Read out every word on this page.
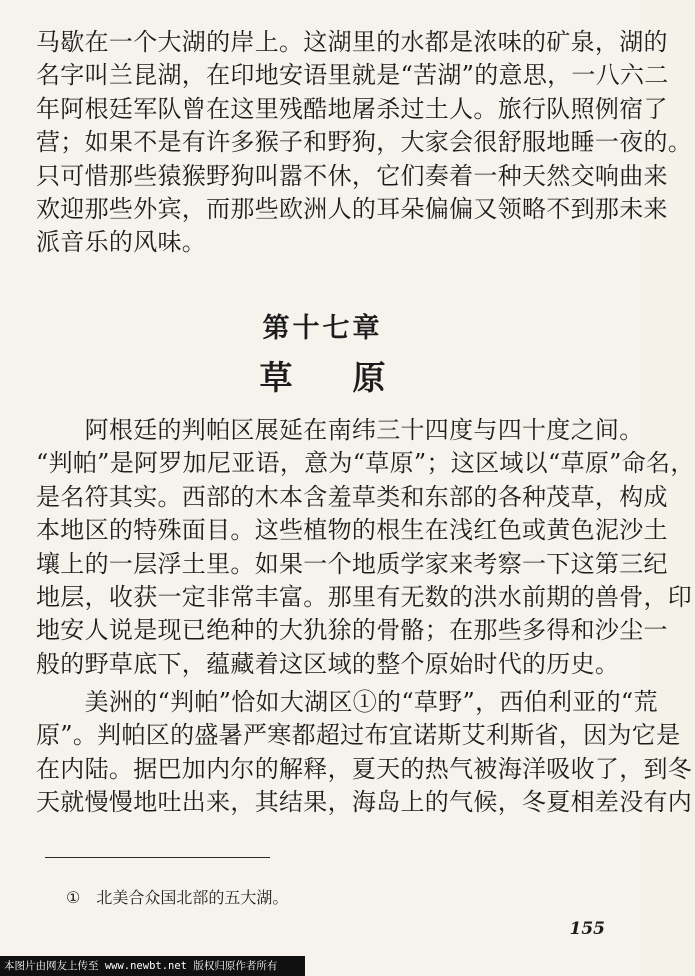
马歇在一个大湖的岸上。这湖里的水都是浓味的矿泉，湖的
名字叫兰昆湖，在印地安语里就是“苦湖”的意思，一八六二
年阿根廷军队曾在这里残酷地屠杀过土人。旅行队照例宿了
营；如果不是有许多猴子和野狗，大家会很舒服地睡一夜的。
只可惜那些猿猴野狗叫嚣不休，它们奏着一种天然交响曲来
欢迎那些外宾，而那些欧洲人的耳朵偏偏又领略不到那未来
派音乐的风味。
第十七章
草原
　　阿根廷的判帕区展延在南纬三十四度与四十度之间。
“判帕”是阿罗加尼亚语，意为“草原”；这区域以“草原”命名，
是名符其实。西部的木本含羞草类和东部的各种茂草，构成
本地区的特殊面目。这些植物的根生在浅红色或黄色泥沙土
壤上的一层浮土里。如果一个地质学家来考察一下这第三纪
地层，收获一定非常丰富。那里有无数的洪水前期的兽骨，印
地安人说是现已绝种的大犰狳的骨骼；在那些多得和沙尘一
般的野草底下，蕴藏着这区域的整个原始时代的历史。
　　美洲的“判帕”恰如大湖区①的“草野”，西伯利亚的“荒
原”。判帕区的盛暑严寒都超过布宜诺斯艾利斯省，因为它是
在内陆。据巴加内尔的解释，夏天的热气被海洋吸收了，到冬
天就慢慢地吐出来，其结果，海岛上的气候，冬夏相差没有内

① 北美合众国北部的五大湖。

155

本图片由网友上传至 www.newbt.net 版权归原作者所有
